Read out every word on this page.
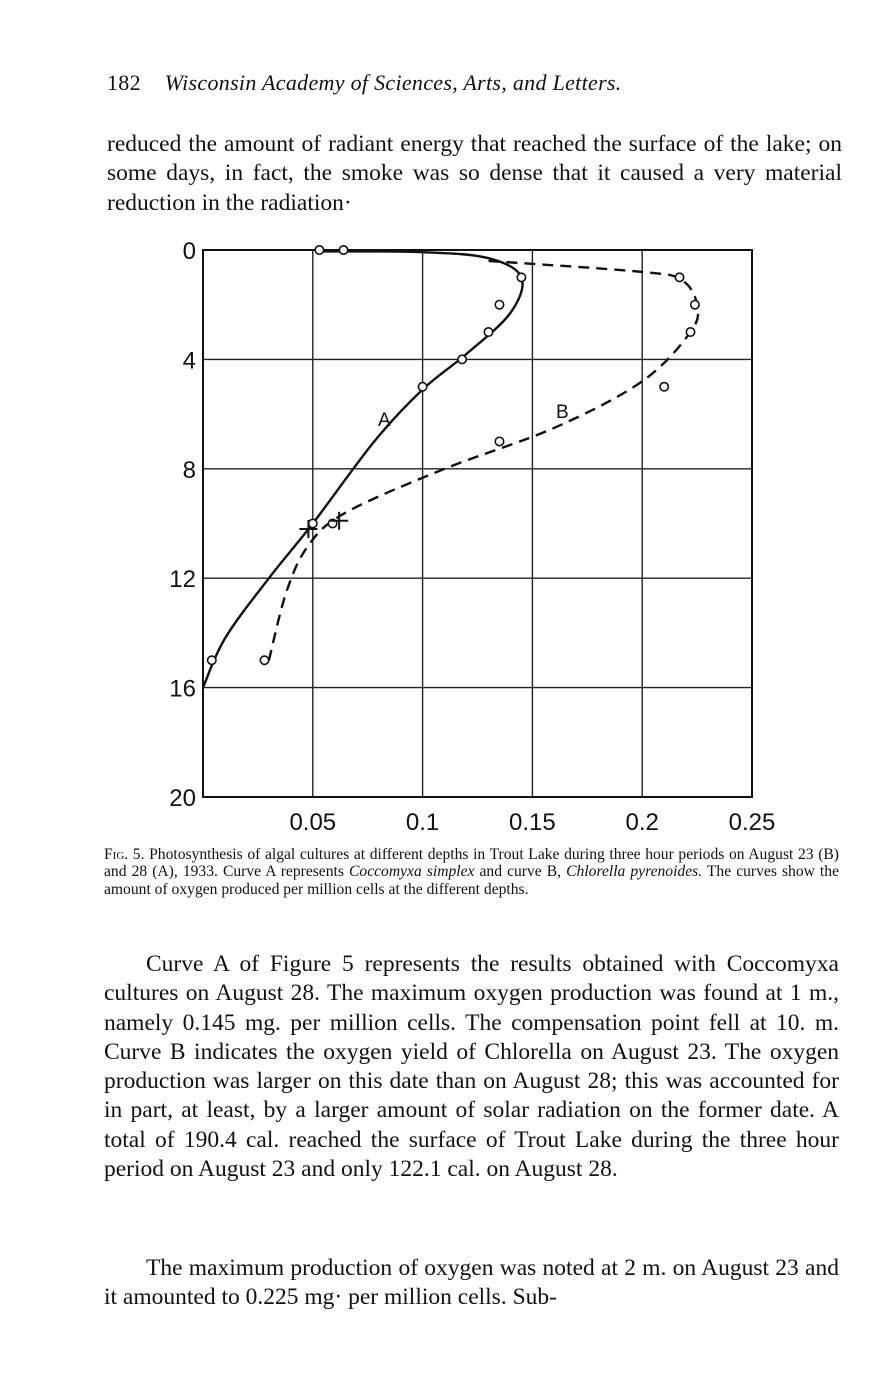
182 Wisconsin Academy of Sciences, Arts, and Letters.

reduced the amount of radiant energy that reached the surface of the lake; on some days, in fact, the smoke was so dense that it caused a very material reduction in the radiation·

0.05	0.1	0.15	0.2	0.25
0
4
8
12
16
20
A	B

Fig. 5. Photosynthesis of algal cultures at different depths in Trout Lake during three hour periods on August 23 (B) and 28 (A), 1933. Curve A represents Coccomyxa simplex and curve B, Chlorella pyrenoides. The curves show the amount of oxygen produced per million cells at the different depths.

Curve A of Figure 5 represents the results obtained with Coccomyxa cultures on August 28. The maximum oxygen production was found at 1 m., namely 0.145 mg. per million cells. The compensation point fell at 10. m. Curve B indicates the oxygen yield of Chlorella on August 23. The oxygen production was larger on this date than on August 28; this was accounted for in part, at least, by a larger amount of solar radiation on the former date. A total of 190.4 cal. reached the surface of Trout Lake during the three hour period on August 23 and only 122.1 cal. on August 28.

The maximum production of oxygen was noted at 2 m. on August 23 and it amounted to 0.225 mg· per million cells. Sub-
